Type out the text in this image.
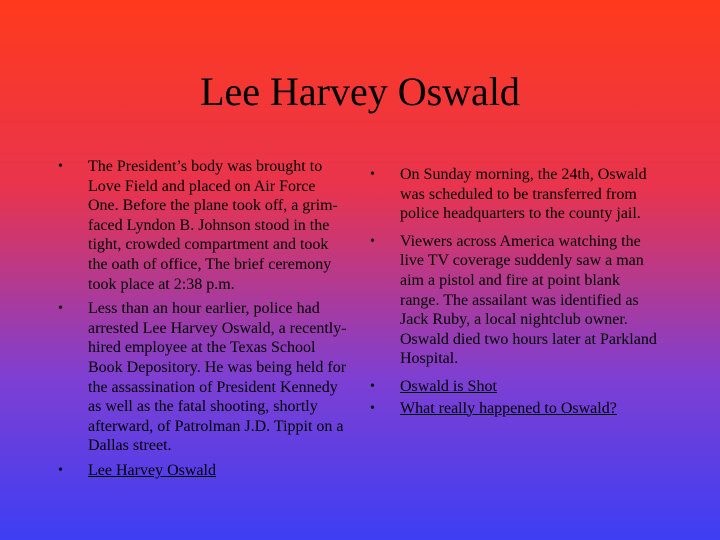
Lee Harvey Oswald
•	The President’s body was brought to Love Field and placed on Air Force One. Before the plane took off, a grim-faced Lyndon B. Johnson stood in the tight, crowded compartment and took the oath of office, The brief ceremony took place at 2:38 p.m.
•	Less than an hour earlier, police had arrested Lee Harvey Oswald, a recently-hired employee at the Texas School Book Depository. He was being held for the assassination of President Kennedy as well as the fatal shooting, shortly afterward, of Patrolman J.D. Tippit on a Dallas street.
•	Lee Harvey Oswald
•	On Sunday morning, the 24th, Oswald was scheduled to be transferred from police headquarters to the county jail.
•	Viewers across America watching the live TV coverage suddenly saw a man aim a pistol and fire at point blank range. The assailant was identified as Jack Ruby, a local nightclub owner. Oswald died two hours later at Parkland Hospital.
•	Oswald is Shot
•	What really happened to Oswald?
